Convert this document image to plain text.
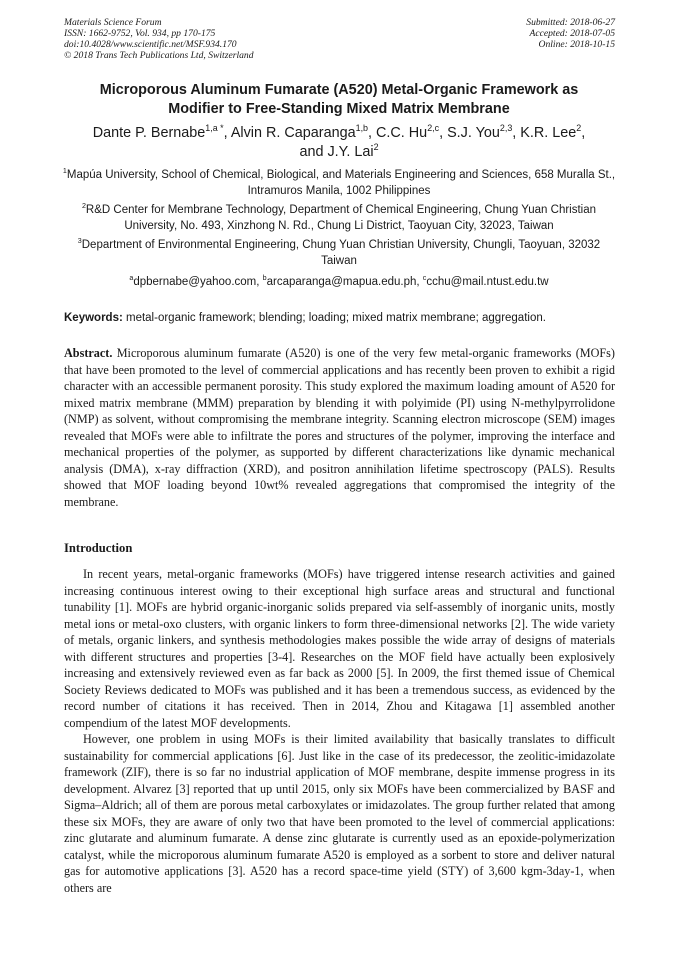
Materials Science Forum
ISSN: 1662-9752, Vol. 934, pp 170-175
doi:10.4028/www.scientific.net/MSF.934.170
© 2018 Trans Tech Publications Ltd, Switzerland
Submitted: 2018-06-27
Accepted: 2018-07-05
Online: 2018-10-15
Microporous Aluminum Fumarate (A520) Metal-Organic Framework as
Modifier to Free-Standing Mixed Matrix Membrane
Dante P. Bernabe$^{1,a *}$, Alvin R. Caparanga$^{1,b}$, C.C. Hu$^{2,c}$, S.J. You$^{2,3}$, K.R. Lee$^2$,
and J.Y. Lai$^2$
$^1$Mapúa University, School of Chemical, Biological, and Materials Engineering and Sciences, 658 Muralla St., Intramuros Manila, 1002 Philippines
$^2$R&D Center for Membrane Technology, Department of Chemical Engineering, Chung Yuan Christian University, No. 493, Xinzhong N. Rd., Chung Li District, Taoyuan City, 32023, Taiwan
$^3$Department of Environmental Engineering, Chung Yuan Christian University, Chungli, Taoyuan, 32032 Taiwan
$^a$dpbernabe@yahoo.com, $^b$arcaparanga@mapua.edu.ph, $^c$cchu@mail.ntust.edu.tw
Keywords: metal-organic framework; blending; loading; mixed matrix membrane; aggregation.
Abstract. Microporous aluminum fumarate (A520) is one of the very few metal-organic frameworks (MOFs) that have been promoted to the level of commercial applications and has recently been proven to exhibit a rigid character with an accessible permanent porosity. This study explored the maximum loading amount of A520 for mixed matrix membrane (MMM) preparation by blending it with polyimide (PI) using N-methylpyrrolidone (NMP) as solvent, without compromising the membrane integrity. Scanning electron microscope (SEM) images revealed that MOFs were able to infiltrate the pores and structures of the polymer, improving the interface and mechanical properties of the polymer, as supported by different characterizations like dynamic mechanical analysis (DMA), x-ray diffraction (XRD), and positron annihilation lifetime spectroscopy (PALS). Results showed that MOF loading beyond 10wt% revealed aggregations that compromised the integrity of the membrane.
Introduction

In recent years, metal-organic frameworks (MOFs) have triggered intense research activities and gained increasing continuous interest owing to their exceptional high surface areas and structural and functional tunability [1]. MOFs are hybrid organic-inorganic solids prepared via self-assembly of inorganic units, mostly metal ions or metal-oxo clusters, with organic linkers to form three-dimensional networks [2]. The wide variety of metals, organic linkers, and synthesis methodologies makes possible the wide array of designs of materials with different structures and properties [3-4]. Researches on the MOF field have actually been explosively increasing and extensively reviewed even as far back as 2000 [5]. In 2009, the first themed issue of Chemical Society Reviews dedicated to MOFs was published and it has been a tremendous success, as evidenced by the record number of citations it has received. Then in 2014, Zhou and Kitagawa [1] assembled another compendium of the latest MOF developments.

However, one problem in using MOFs is their limited availability that basically translates to difficult sustainability for commercial applications [6]. Just like in the case of its predecessor, the zeolitic-imidazolate framework (ZIF), there is so far no industrial application of MOF membrane, despite immense progress in its development. Alvarez [3] reported that up until 2015, only six MOFs have been commercialized by BASF and Sigma–Aldrich; all of them are porous metal carboxylates or imidazolates. The group further related that among these six MOFs, they are aware of only two that have been promoted to the level of commercial applications: zinc glutarate and aluminum fumarate. A dense zinc glutarate is currently used as an epoxide-polymerization catalyst, while the microporous aluminum fumarate A520 is employed as a sorbent to store and deliver natural gas for automotive applications [3]. A520 has a record space-time yield (STY) of 3,600 kgm-3day-1, when others are
